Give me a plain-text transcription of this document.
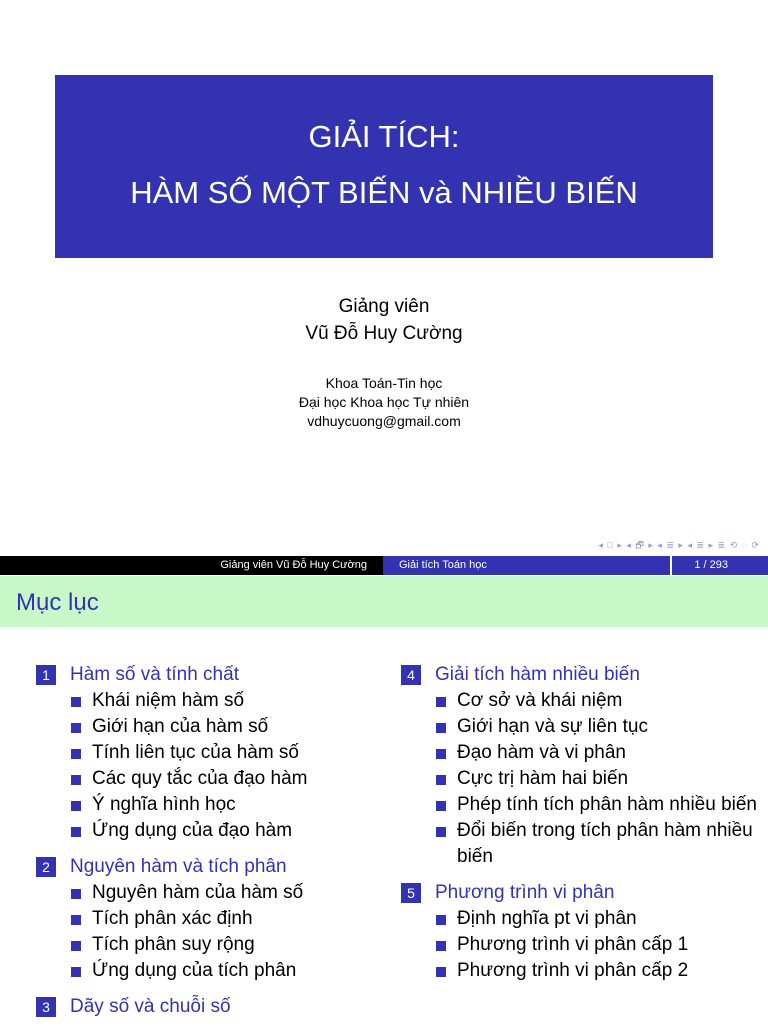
GIẢI TÍCH:
HÀM SỐ MỘT BIẾN và NHIỀU BIẾN
Giảng viên
Vũ Đỗ Huy Cường
Khoa Toán-Tin học
Đại học Khoa học Tự nhiên
vdhuycuong@gmail.com
◂ □ ▸ ◂ 🗗 ▸ ◂ ≣ ▸ ◂ ≣ ▸ ≣ ⟲ ◌ ⟳
Giảng viên Vũ Đỗ Huy Cường	Giải tích Toán học	1 / 293
Mục lục
1	Hàm số và tính chất
Khái niệm hàm số
Giới hạn của hàm số
Tính liên tục của hàm số
Các quy tắc của đạo hàm
Ý nghĩa hình học
Ứng dụng của đạo hàm
2	Nguyên hàm và tích phân
Nguyên hàm của hàm số
Tích phân xác định
Tích phân suy rộng
Ứng dụng của tích phân
3	Dãy số và chuỗi số
4	Giải tích hàm nhiều biến
Cơ sở và khái niệm
Giới hạn và sự liên tục
Đạo hàm và vi phân
Cực trị hàm hai biến
Phép tính tích phân hàm nhiều biến
Đổi biến trong tích phân hàm nhiều biến
5	Phương trình vi phân
Định nghĩa pt vi phân
Phương trình vi phân cấp 1
Phương trình vi phân cấp 2
